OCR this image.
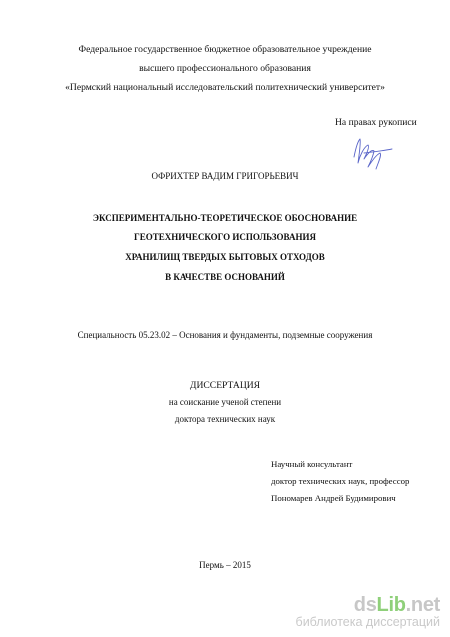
Федеральное государственное бюджетное образовательное учреждение
высшего профессионального образования
«Пермский национальный исследовательский политехнический университет»
На правах рукописи
ОФРИХТЕР ВАДИМ ГРИГОРЬЕВИЧ
ЭКСПЕРИМЕНТАЛЬНО-ТЕОРЕТИЧЕСКОЕ ОБОСНОВАНИЕ
ГЕОТЕХНИЧЕСКОГО ИСПОЛЬЗОВАНИЯ
ХРАНИЛИЩ ТВЕРДЫХ БЫТОВЫХ ОТХОДОВ
В КАЧЕСТВЕ ОСНОВАНИЙ
Специальность 05.23.02 – Основания и фундаменты, подземные сооружения
ДИССЕРТАЦИЯ
на соискание ученой степени
доктора технических наук
Научный консультант
доктор технических наук, профессор
Пономарев Андрей Будимирович
Пермь – 2015
dsLib.net
библиотека диссертаций
